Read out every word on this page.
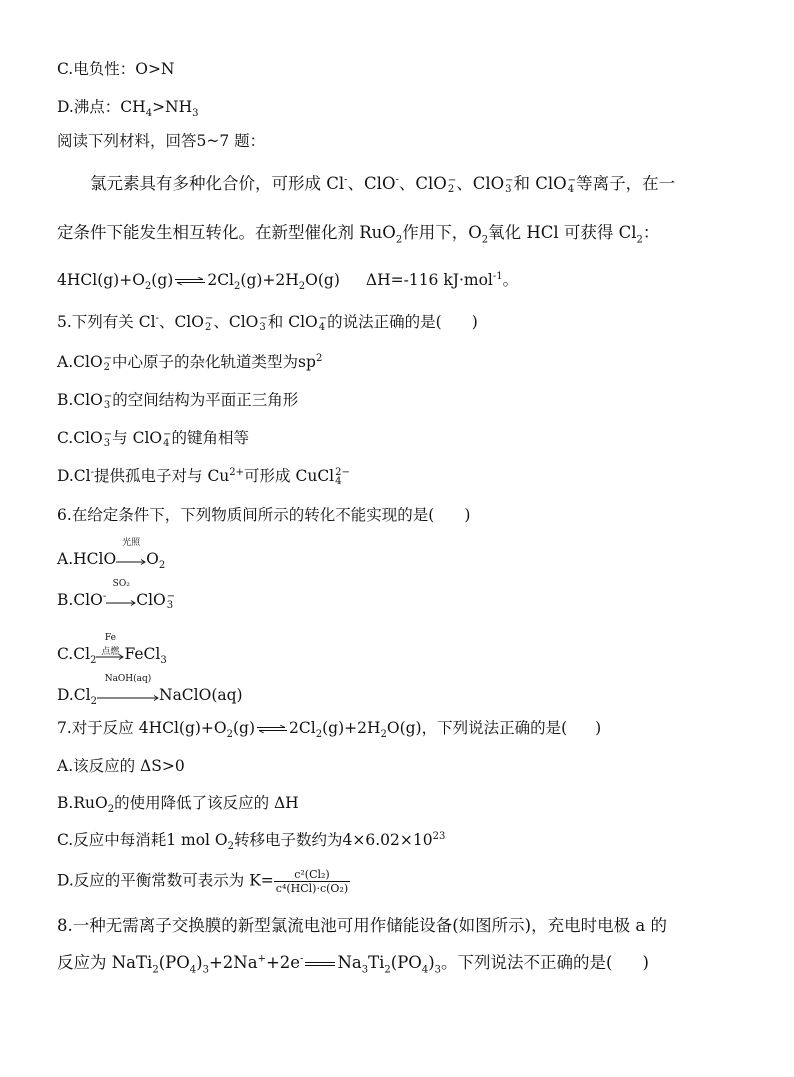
C.电负性：O>N
D.沸点：$CH_4>NH_3$
阅读下列材料，回答5~7 题：
氯元素具有多种化合价，可形成 Cl-、ClO-、ClO −
2 、ClO −
3 和 ClO −
4 等离子，在一
定条件下能发生相互转化。在新型催化剂 RuO$_2$作用下，$O_2$氧化 HCl 可获得 $Cl_2$：
$4HCl(g)+O_2(g)$ ⇌ $2Cl_2(g)+2H_2O(g)$ ΔH=-116 kJ·mol$^{-1}$。
5.下列有关 Cl-、ClO −
2 、ClO −
3 和 ClO −
4 的说法正确的是( )
A.ClO −
2 中心原子的杂化轨道类型为$sp^2$
B.ClO −
3 的空间结构为平面正三角形
C.ClO −
3 与 ClO −
4 的键角相等
D.Cl-提供孤电子对与 $Cu^{2+}$可形成 CuCl 2−
4
6.在给定条件下，下列物质间所示的转化不能实现的是( )
A.HClO
光照
$O_2$
B.ClO-
SO₂
ClO −
3
$C.Cl_2$
Fe
点燃 FeCl$_3$
$D.Cl_2$
NaOH(aq)
NaClO(aq)
7.对于反应 $4HCl(g)+O_2(g)$ ⇌ $2Cl_2(g)+2H_2O(g)$，下列说法正确的是( )
A.该反应的 ΔS>0
B.RuO$_2$的使用降低了该反应的 ΔH
C.反应中每消耗1 mol $O_2$转移电子数约为$4\times 6.02\times 10^{23}$
D.反应的平衡常数可表示为 $K= \frac{\text{c²(Cl₂)}}{\text{c⁴(HCl)·c(O₂)}}$
8.一种无需离子交换膜的新型氯流电池可用作储能设备(如图所示)，充电时电极 a 的
反应为 $NaTi_2(PO_4)_3+2Na^++2e^-$ $Na_3Ti_2(PO_4)_3$。下列说法不正确的是( )
